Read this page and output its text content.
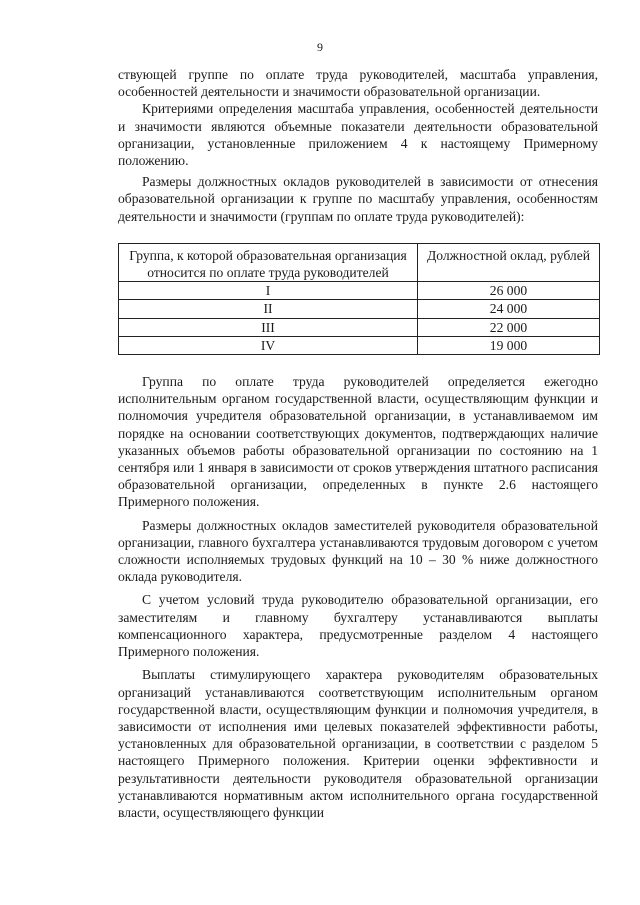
9

ствующей группе по оплате труда руководителей, масштаба управления, особенностей деятельности и значимости образовательной организации.

Критериями определения масштаба управления, особенностей деятельности и значимости являются объемные показатели деятельности образовательной организации, установленные приложением 4 к настоящему Примерному положению.

Размеры должностных окладов руководителей в зависимости от отнесения образовательной организации к группе по масштабу управления, особенностям деятельности и значимости (группам по оплате труда руководителей):

Группа, к которой образовательная организация относится по оплате труда руководителей	Должностной оклад, рублей
I	26 000
II	24 000
III	22 000
IV	19 000

Группа по оплате труда руководителей определяется ежегодно исполнительным органом государственной власти, осуществляющим функции и полномочия учредителя образовательной организации, в устанавливаемом им порядке на основании соответствующих документов, подтверждающих наличие указанных объемов работы образовательной организации по состоянию на 1 сентября или 1 января в зависимости от сроков утверждения штатного расписания образовательной организации, определенных в пункте 2.6 настоящего Примерного положения.

Размеры должностных окладов заместителей руководителя образовательной организации, главного бухгалтера устанавливаются трудовым договором с учетом сложности исполняемых трудовых функций на 10 – 30 % ниже должностного оклада руководителя.

С учетом условий труда руководителю образовательной организации, его заместителям и главному бухгалтеру устанавливаются выплаты компенсационного характера, предусмотренные разделом 4 настоящего Примерного положения.

Выплаты стимулирующего характера руководителям образовательных организаций устанавливаются соответствующим исполнительным органом государственной власти, осуществляющим функции и полномочия учредителя, в зависимости от исполнения ими целевых показателей эффективности работы, установленных для образовательной организации, в соответствии с разделом 5 настоящего Примерного положения. Критерии оценки эффективности и результативности деятельности руководителя образовательной организации устанавливаются нормативным актом исполнительного органа государственной власти, осуществляющего функции
